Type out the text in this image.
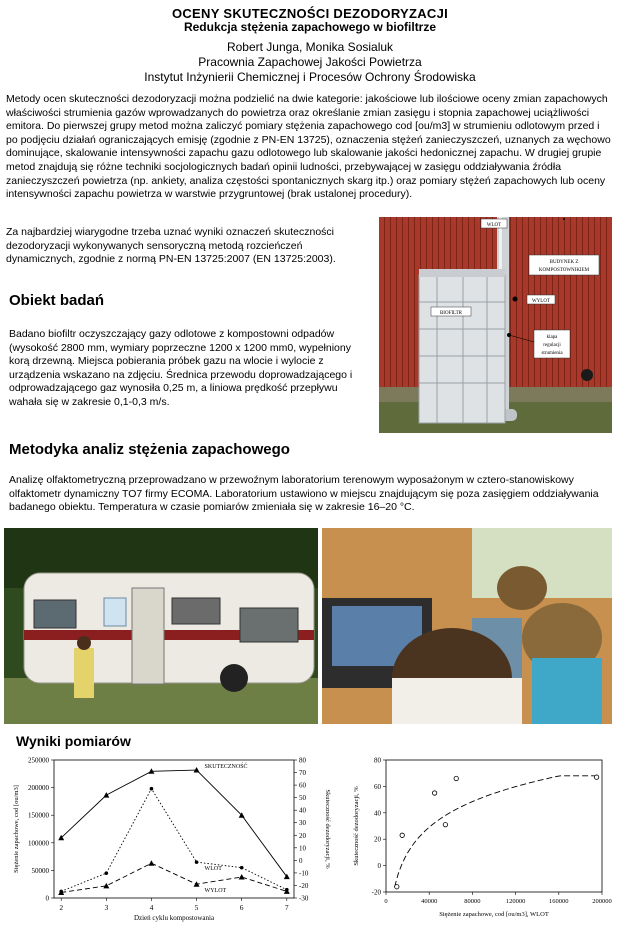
OCENY SKUTECZNOŚCI DEZODORYZACJI
Redukcja stężenia zapachowego w biofiltrze
Robert Junga, Monika Sosialuk
Pracownia Zapachowej Jakości Powietrza
Instytut Inżynierii Chemicznej i Procesów Ochrony Środowiska

Metody ocen skuteczności dezodoryzacji można podzielić na dwie kategorie: jakościowe lub ilościowe oceny zmian zapachowych właściwości strumienia gazów wprowadzanych do powietrza oraz określanie zmian zasięgu i stopnia zapachowej uciążliwości emitora. Do pierwszej grupy metod można zaliczyć pomiary stężenia zapachowego cod [ou/m3] w strumieniu odlotowym przed i po podjęciu działań ograniczających emisję (zgodnie z PN-EN 13725), oznaczenia stężeń zanieczyszczeń, uznanych za węchowo dominujące, skalowanie intensywności zapachu gazu odlotowego lub skalowanie jakości hedonicznej zapachu. W drugiej grupie metod znajdują się różne techniki socjologicznych badań opinii ludności, przebywającej w zasięgu oddziaływania źródła zanieczyszczeń powietrza (np. ankiety, analiza częstości spontanicznych skarg itp.) oraz pomiary stężeń zapachowych lub oceny intensywności zapachu powietrza w warstwie przygruntowej (brak ustalonej procedury).

Za najbardziej wiarygodne trzeba uznać wyniki oznaczeń skuteczności dezodoryzacji wykonywanych sensoryczną metodą rozcieńczeń dynamicznych, zgodnie z normą PN-EN 13725:2007 (EN 13725:2003).

WLOT
BUDYNEK Z
KOMPOSTOWNIKIEM
WYLOT
BIOFILTR
klapa
regulacji
strumienia
Obiekt badań

Badano biofiltr oczyszczający gazy odlotowe z kompostowni odpadów (wysokość 2800 mm, wymiary poprzeczne 1200 x 1200 mm0, wypełniony korą drzewną. Miejsca pobierania próbek gazu na wlocie i wylocie z urządzenia wskazano na zdjęciu. Średnica przewodu doprowadzającego i odprowadzającego gaz wynosiła 0,25 m, a liniowa prędkość przepływu wahała się w zakresie 0,1-0,3 m/s.

Metodyka analiz stężenia zapachowego

Analizę olfaktometryczną przeprowadzano w przewoźnym laboratorium terenowym wyposażonym w cztero-stanowiskowy olfaktometr dynamiczny TO7 firmy ECOMA. Laboratorium ustawiono w miejscu znajdującym się poza zasięgiem oddziaływania badanego obiektu. Temperatura w czasie pomiarów zmieniała się w zakresie 16–20 °C.

Wyniki pomiarów
0
50000
100000
150000
200000
250000
-30
-20
-10
0
10
20
30
40
50
60
70
80
2	3	4	5	6	7
Dzień cyklu kompostowania
Stężenie zapachowe, cod [ou/m3]	Skuteczność dezodoryzacji, %
SKUTECZNOŚĆ
WLOT
WYLOT	-20
0
20
40
60
80
0	40000	80000	120000	160000	200000
Stężenie zapachowe, cod [ou/m3], WLOT
Skuteczność dezodoryzacji, %
